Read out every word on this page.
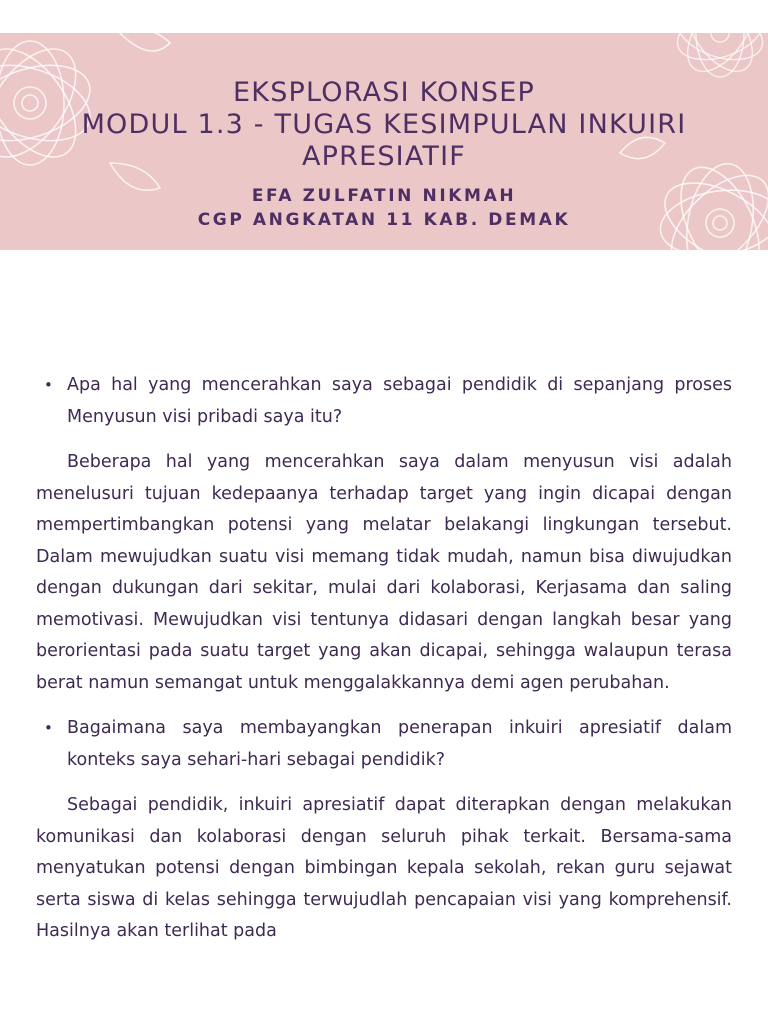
EKSPLORASI KONSEP
MODUL 1.3 - TUGAS KESIMPULAN INKUIRI
APRESIATIF
EFA ZULFATIN NIKMAH
CGP ANGKATAN 11 KAB. DEMAK

• Apa hal yang mencerahkan saya sebagai pendidik di sepanjang proses Menyusun visi pribadi saya itu?

Beberapa hal yang mencerahkan saya dalam menyusun visi adalah menelusuri tujuan kedepaanya terhadap target yang ingin dicapai dengan mempertimbangkan potensi yang melatar belakangi lingkungan tersebut. Dalam mewujudkan suatu visi memang tidak mudah, namun bisa diwujudkan dengan dukungan dari sekitar, mulai dari kolaborasi, Kerjasama dan saling memotivasi. Mewujudkan visi tentunya didasari dengan langkah besar yang berorientasi pada suatu target yang akan dicapai, sehingga walaupun terasa berat namun semangat untuk menggalakkannya demi agen perubahan.

• Bagaimana saya membayangkan penerapan inkuiri apresiatif dalam konteks saya sehari-hari sebagai pendidik?

Sebagai pendidik, inkuiri apresiatif dapat diterapkan dengan melakukan komunikasi dan kolaborasi dengan seluruh pihak terkait. Bersama-sama menyatukan potensi dengan bimbingan kepala sekolah, rekan guru sejawat serta siswa di kelas sehingga terwujudlah pencapaian visi yang komprehensif. Hasilnya akan terlihat pada
